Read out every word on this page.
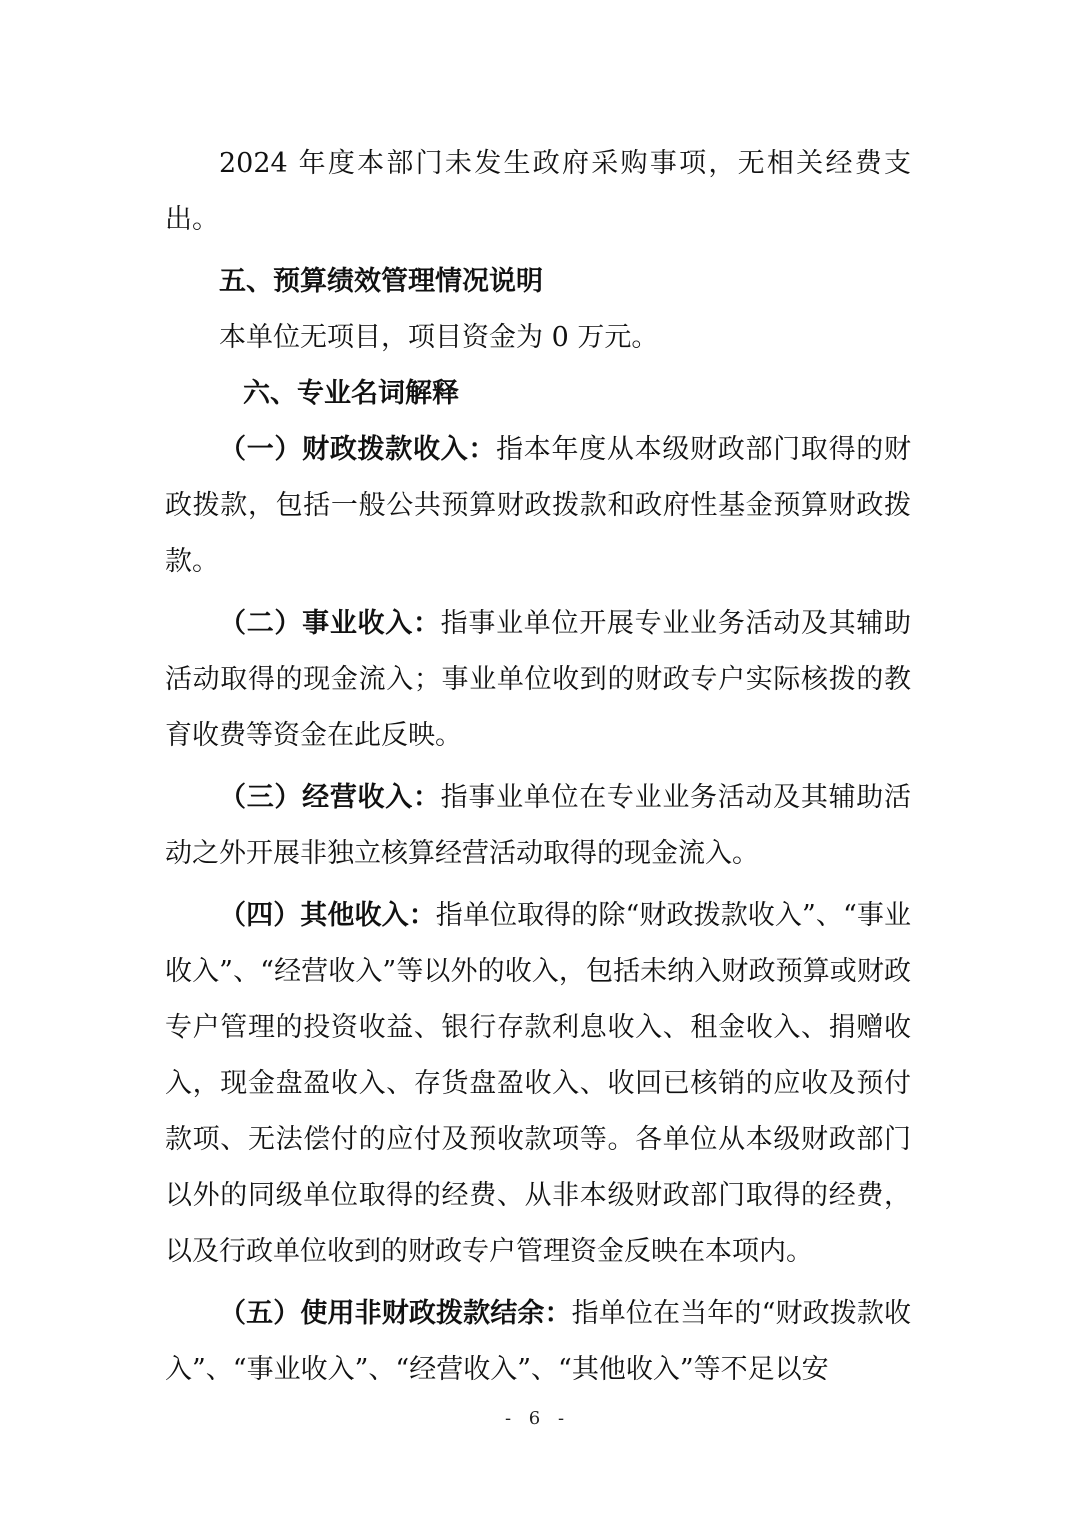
2024 年度本部门未发生政府采购事项，无相关经费支出。

五、预算绩效管理情况说明

本单位无项目，项目资金为 0 万元。

六、专业名词解释

（一）财政拨款收入：指本年度从本级财政部门取得的财政拨款，包括一般公共预算财政拨款和政府性基金预算财政拨款。

（二）事业收入：指事业单位开展专业业务活动及其辅助活动取得的现金流入；事业单位收到的财政专户实际核拨的教育收费等资金在此反映。

（三）经营收入：指事业单位在专业业务活动及其辅助活动之外开展非独立核算经营活动取得的现金流入。

（四）其他收入：指单位取得的除“财政拨款收入”、“事业收入”、“经营收入”等以外的收入，包括未纳入财政预算或财政专户管理的投资收益、银行存款利息收入、租金收入、捐赠收入，现金盘盈收入、存货盘盈收入、收回已核销的应收及预付款项、无法偿付的应付及预收款项等。各单位从本级财政部门以外的同级单位取得的经费、从非本级财政部门取得的经费，以及行政单位收到的财政专户管理资金反映在本项内。

（五）使用非财政拨款结余：指单位在当年的“财政拨款收入”、“事业收入”、“经营收入”、“其他收入”等不足以安

- 6 -
